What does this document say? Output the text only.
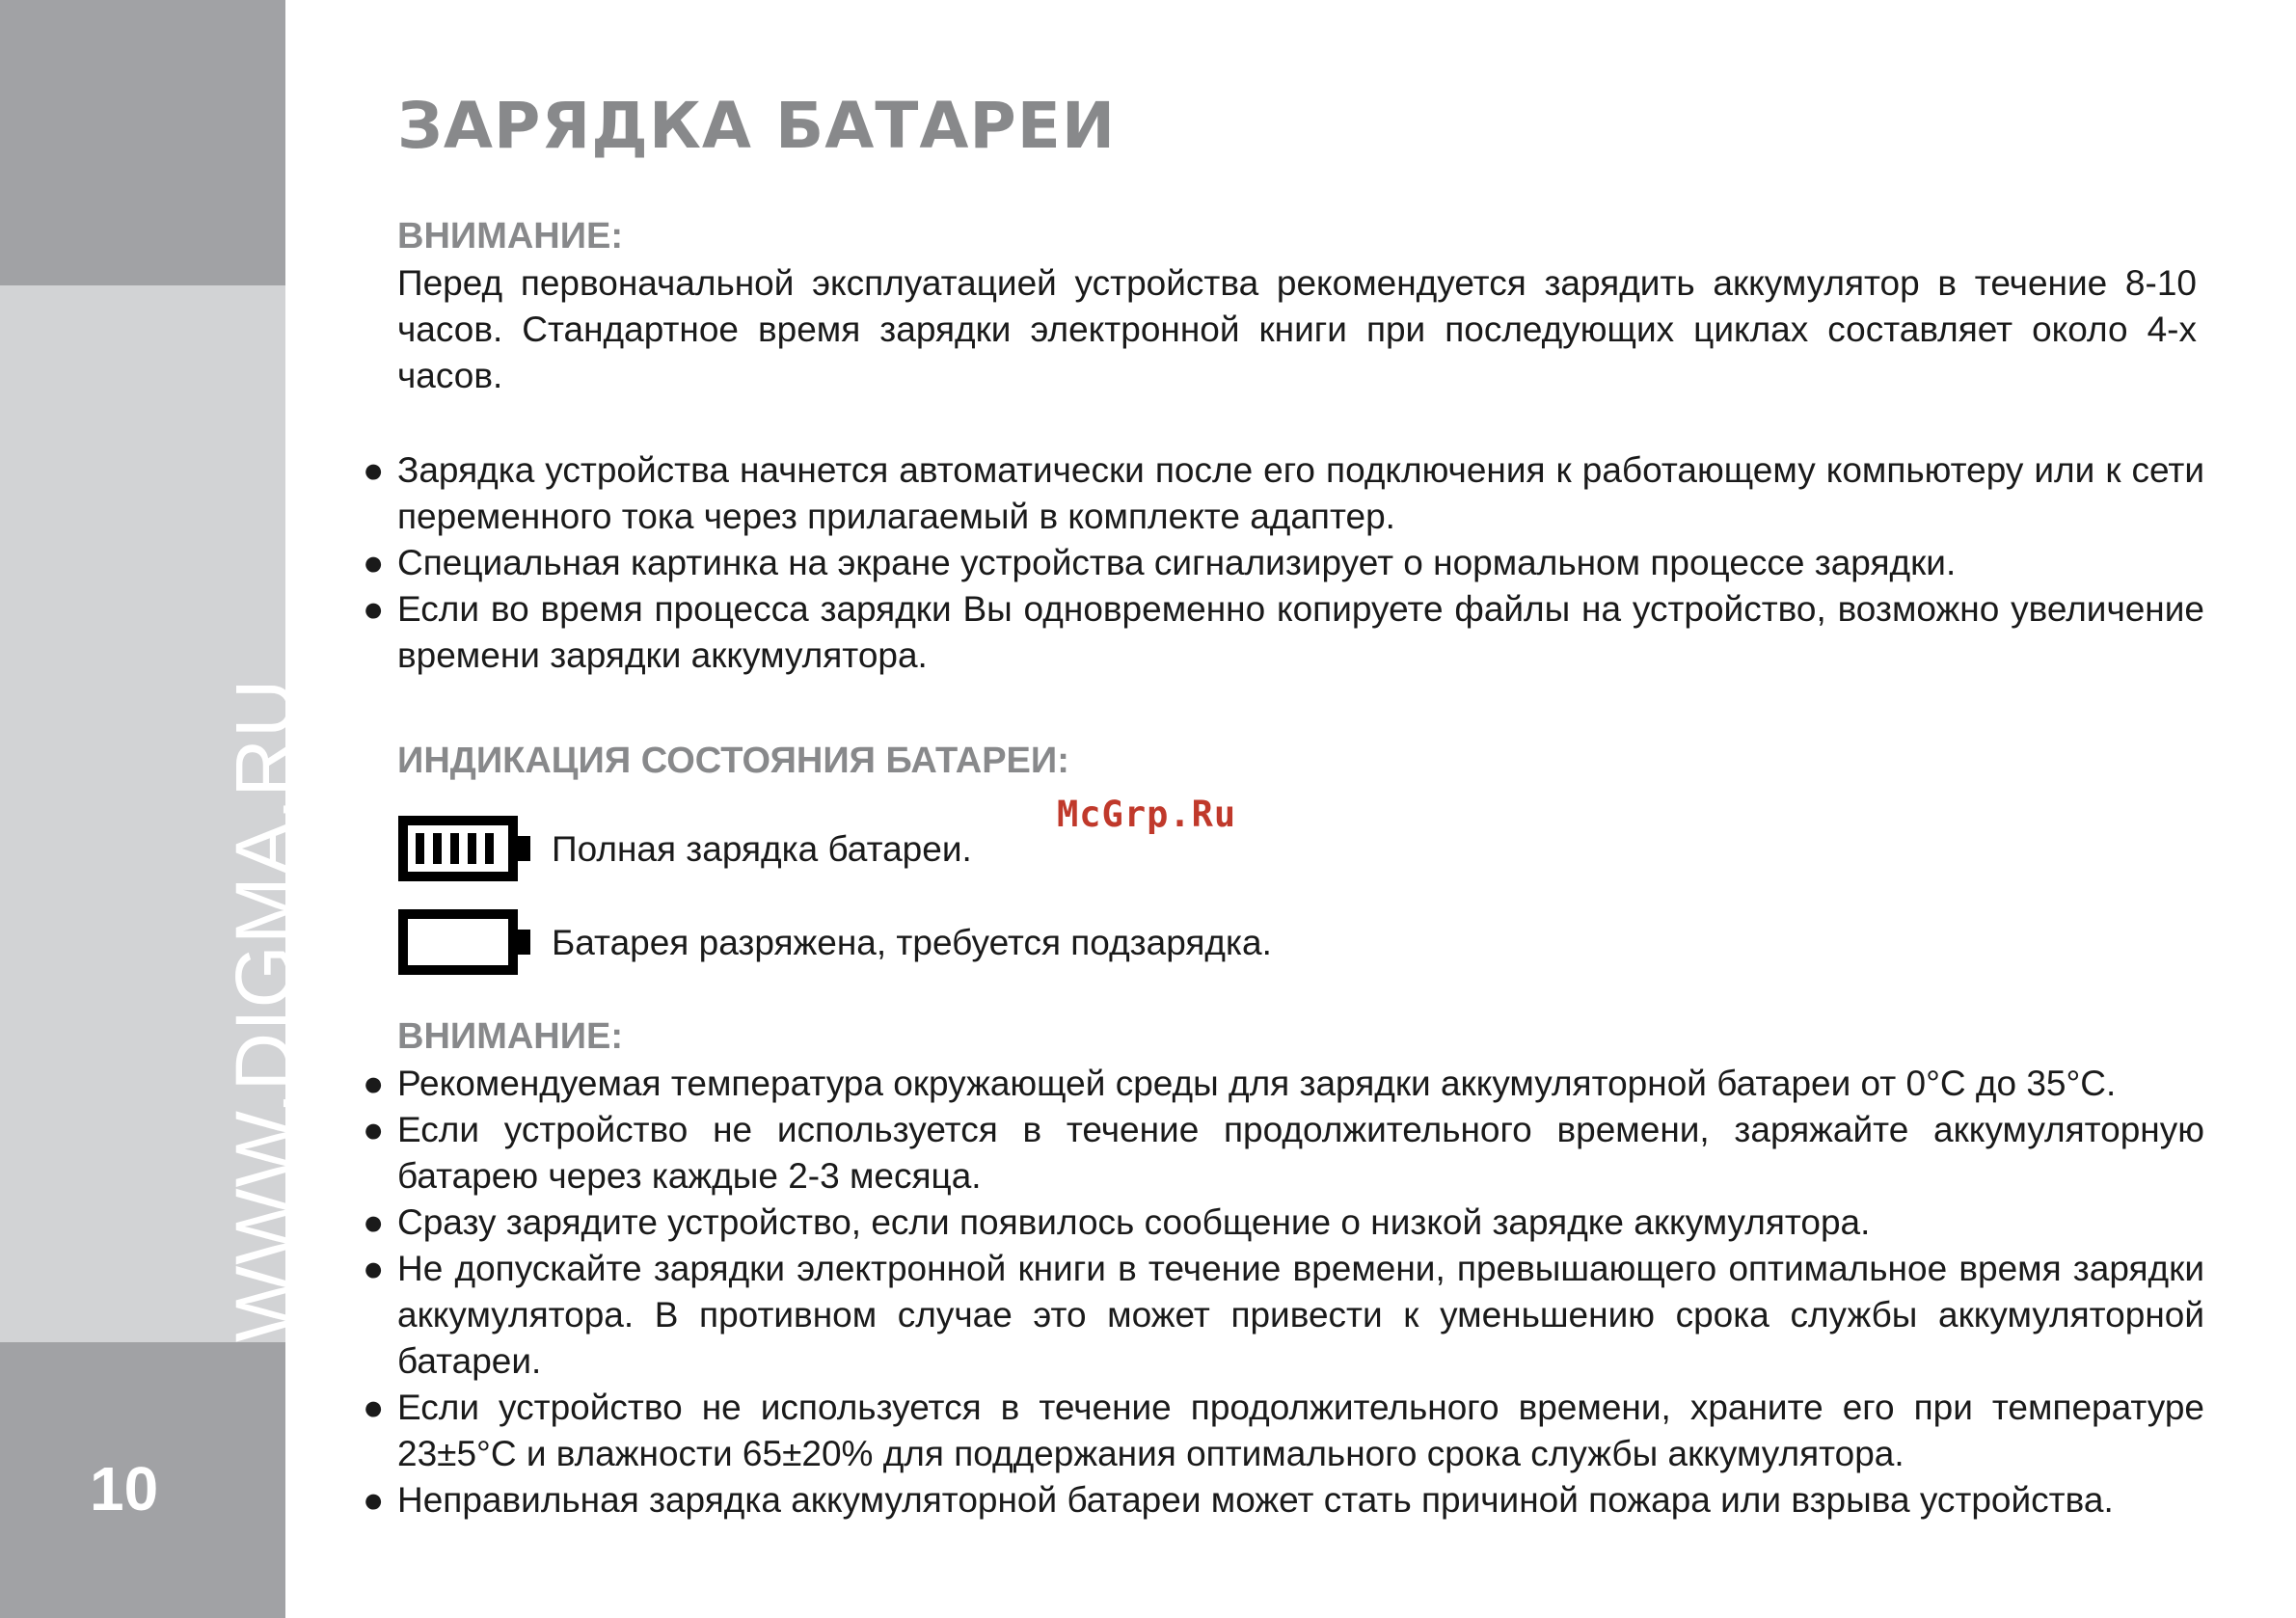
WWW.DIGMA.RU
10
ЗАРЯДКА БАТАРЕИ
ВНИМАНИЕ:

Перед первоначальной эксплуатацией устройства рекомендуется зарядить аккумулятор в течение 8-10 часов. Стандартное время зарядки электронной книги при последующих циклах составляет около 4-х часов.

● Зарядка устройства начнется автоматически после его подключения к работающему компьютеру или к сети переменного тока через прилагаемый в комплекте адаптер.
● Специальная картинка на экране устройства сигнализирует о нормальном процессе зарядки.
● Если во время процесса зарядки Вы одновременно копируете файлы на устройство, возможно увеличение времени зарядки аккумулятора.
ИНДИКАЦИЯ СОСТОЯНИЯ БАТАРЕИ:
McGrp.Ru
Полная зарядка батареи.
Батарея разряжена, требуется подзарядка.
ВНИМАНИЕ:
● Рекомендуемая температура окружающей среды для зарядки аккумуляторной батареи от 0°C до 35°C.
● Если устройство не используется в течение продолжительного времени, заряжайте аккумуляторную батарею через каждые 2-3 месяца.
● Сразу зарядите устройство, если появилось сообщение о низкой зарядке аккумулятора.
● Не допускайте зарядки электронной книги в течение времени, превышающего оптимальное время зарядки аккумулятора. В противном случае это может привести к уменьшению срока службы аккумуляторной батареи.
● Если устройство не используется в течение продолжительного времени, храните его при температуре 23±5°C и влажности 65±20% для поддержания оптимального срока службы аккумулятора.
● Неправильная зарядка аккумуляторной батареи может стать причиной пожара или взрыва устройства.
